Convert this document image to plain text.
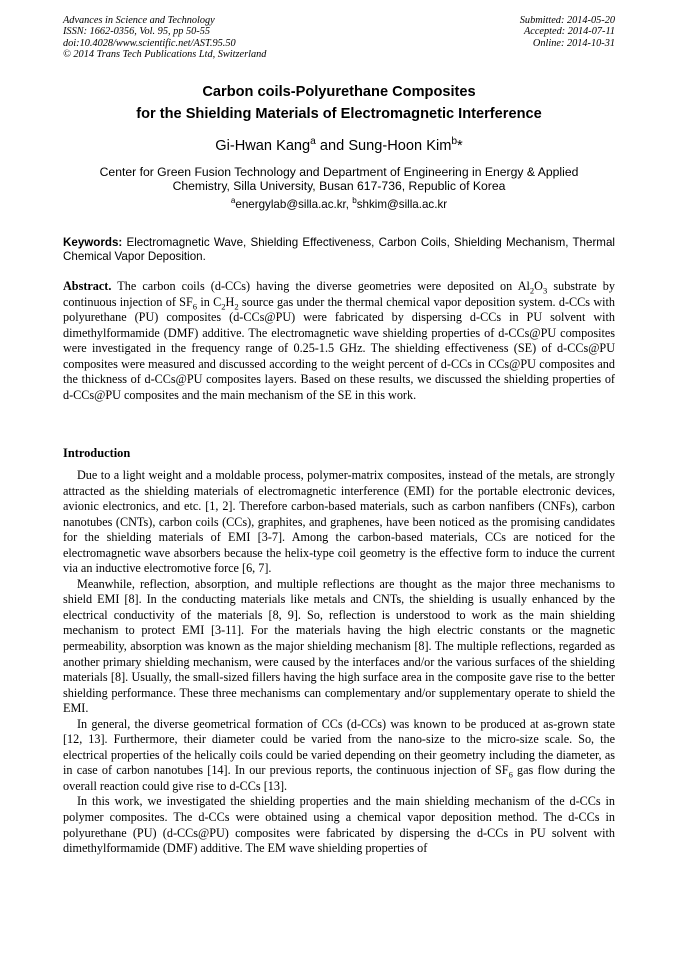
Advances in Science and Technology
ISSN: 1662-0356, Vol. 95, pp 50-55
doi:10.4028/www.scientific.net/AST.95.50
© 2014 Trans Tech Publications Ltd, Switzerland
Submitted: 2014-05-20
Accepted: 2014-07-11
Online: 2014-10-31
Carbon coils-Polyurethane Composites
for the Shielding Materials of Electromagnetic Interference
Gi-Hwan Kang$^a$ and Sung-Hoon Kim$^b$*
Center for Green Fusion Technology and Department of Engineering in Energy & Applied
Chemistry, Silla University, Busan 617-736, Republic of Korea
$^a$energylab@silla.ac.kr, $^b$shkim@silla.ac.kr
Keywords: Electromagnetic Wave, Shielding Effectiveness, Carbon Coils, Shielding Mechanism, Thermal Chemical Vapor Deposition.

Abstract. The carbon coils (d-CCs) having the diverse geometries were deposited on $Al_2O_3$ substrate by continuous injection of $SF_6$ in $C_2H_2$ source gas under the thermal chemical vapor deposition system. d-CCs with polyurethane (PU) composites (d-CCs@PU) were fabricated by dispersing d-CCs in PU solvent with dimethylformamide (DMF) additive. The electromagnetic wave shielding properties of d-CCs@PU composites were investigated in the frequency range of 0.25-1.5 GHz. The shielding effectiveness (SE) of d-CCs@PU composites were measured and discussed according to the weight percent of d-CCs in CCs@PU composites and the thickness of d-CCs@PU composites layers. Based on these results, we discussed the shielding properties of d-CCs@PU composites and the main mechanism of the SE in this work.

Introduction

Due to a light weight and a moldable process, polymer-matrix composites, instead of the metals, are strongly attracted as the shielding materials of electromagnetic interference (EMI) for the portable electronic devices, avionic electronics, and etc. [1, 2]. Therefore carbon-based materials, such as carbon nanfibers (CNFs), carbon nanotubes (CNTs), carbon coils (CCs), graphites, and graphenes, have been noticed as the promising candidates for the shielding materials of EMI [3-7]. Among the carbon-based materials, CCs are noticed for the electromagnetic wave absorbers because the helix-type coil geometry is the effective form to induce the current via an inductive electromotive force [6, 7].

Meanwhile, reflection, absorption, and multiple reflections are thought as the major three mechanisms to shield EMI [8]. In the conducting materials like metals and CNTs, the shielding is usually enhanced by the electrical conductivity of the materials [8, 9]. So, reflection is understood to work as the main shielding mechanism to protect EMI [3-11]. For the materials having the high electric constants or the magnetic permeability, absorption was known as the major shielding mechanism [8]. The multiple reflections, regarded as another primary shielding mechanism, were caused by the interfaces and/or the various surfaces of the shielding materials [8]. Usually, the small-sized fillers having the high surface area in the composite gave rise to the better shielding performance. These three mechanisms can complementary and/or supplementary operate to shield the EMI.

In general, the diverse geometrical formation of CCs (d-CCs) was known to be produced at as-grown state [12, 13]. Furthermore, their diameter could be varied from the nano-size to the micro-size scale. So, the electrical properties of the helically coils could be varied depending on their geometry including the diameter, as in case of carbon nanotubes [14]. In our previous reports, the continuous injection of $SF_6$ gas flow during the overall reaction could give rise to d-CCs [13].

In this work, we investigated the shielding properties and the main shielding mechanism of the d-CCs in polymer composites. The d-CCs were obtained using a chemical vapor deposition method. The d-CCs in polyurethane (PU) (d-CCs@PU) composites were fabricated by dispersing the d-CCs in PU solvent with dimethylformamide (DMF) additive. The EM wave shielding properties of
